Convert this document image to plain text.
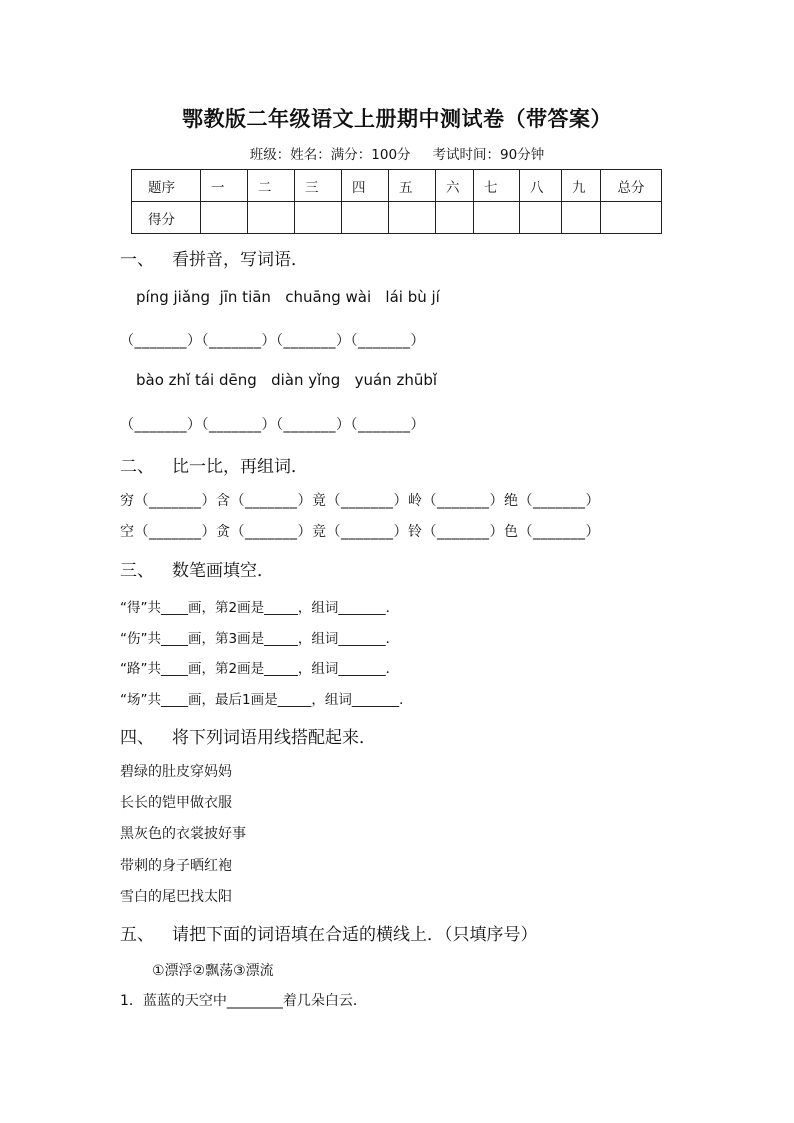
鄂教版二年级语文上册期中测试卷（带答案）
班级：姓名：满分：100分 考试时间：90分钟
题序	一	二	三	四	五	六	七	八	九	总分
得分										
一、 看拼音，写词语．
píng jiǎng  jīn tiān   chuāng wài   lái bù jí
（_______）（_______）（_______）（_______）
bào zhǐ tái dēng   diàn yǐng   yuán zhūbǐ
（_______）（_______）（_______）（_______）
二、 比一比，再组词．
穷（_______）含（_______）竟（_______）岭（_______）绝（_______）
空（_______）贪（_______）竞（_______）铃（_______）色（_______）
三、 数笔画填空．
“得”共____画，第2画是_____，组词_______．
“伤”共____画，第3画是_____，组词_______．
“路”共____画，第2画是_____，组词_______．
“场”共____画，最后1画是_____，组词_______．
四、 将下列词语用线搭配起来．
碧绿的肚皮穿妈妈
长长的铠甲做衣服
黑灰色的衣裳披好事
带刺的身子晒红袍
雪白的尾巴找太阳
五、 请把下面的词语填在合适的横线上．（只填序号）
①漂浮②飘荡③漂流
1．蓝蓝的天空中________着几朵白云．
